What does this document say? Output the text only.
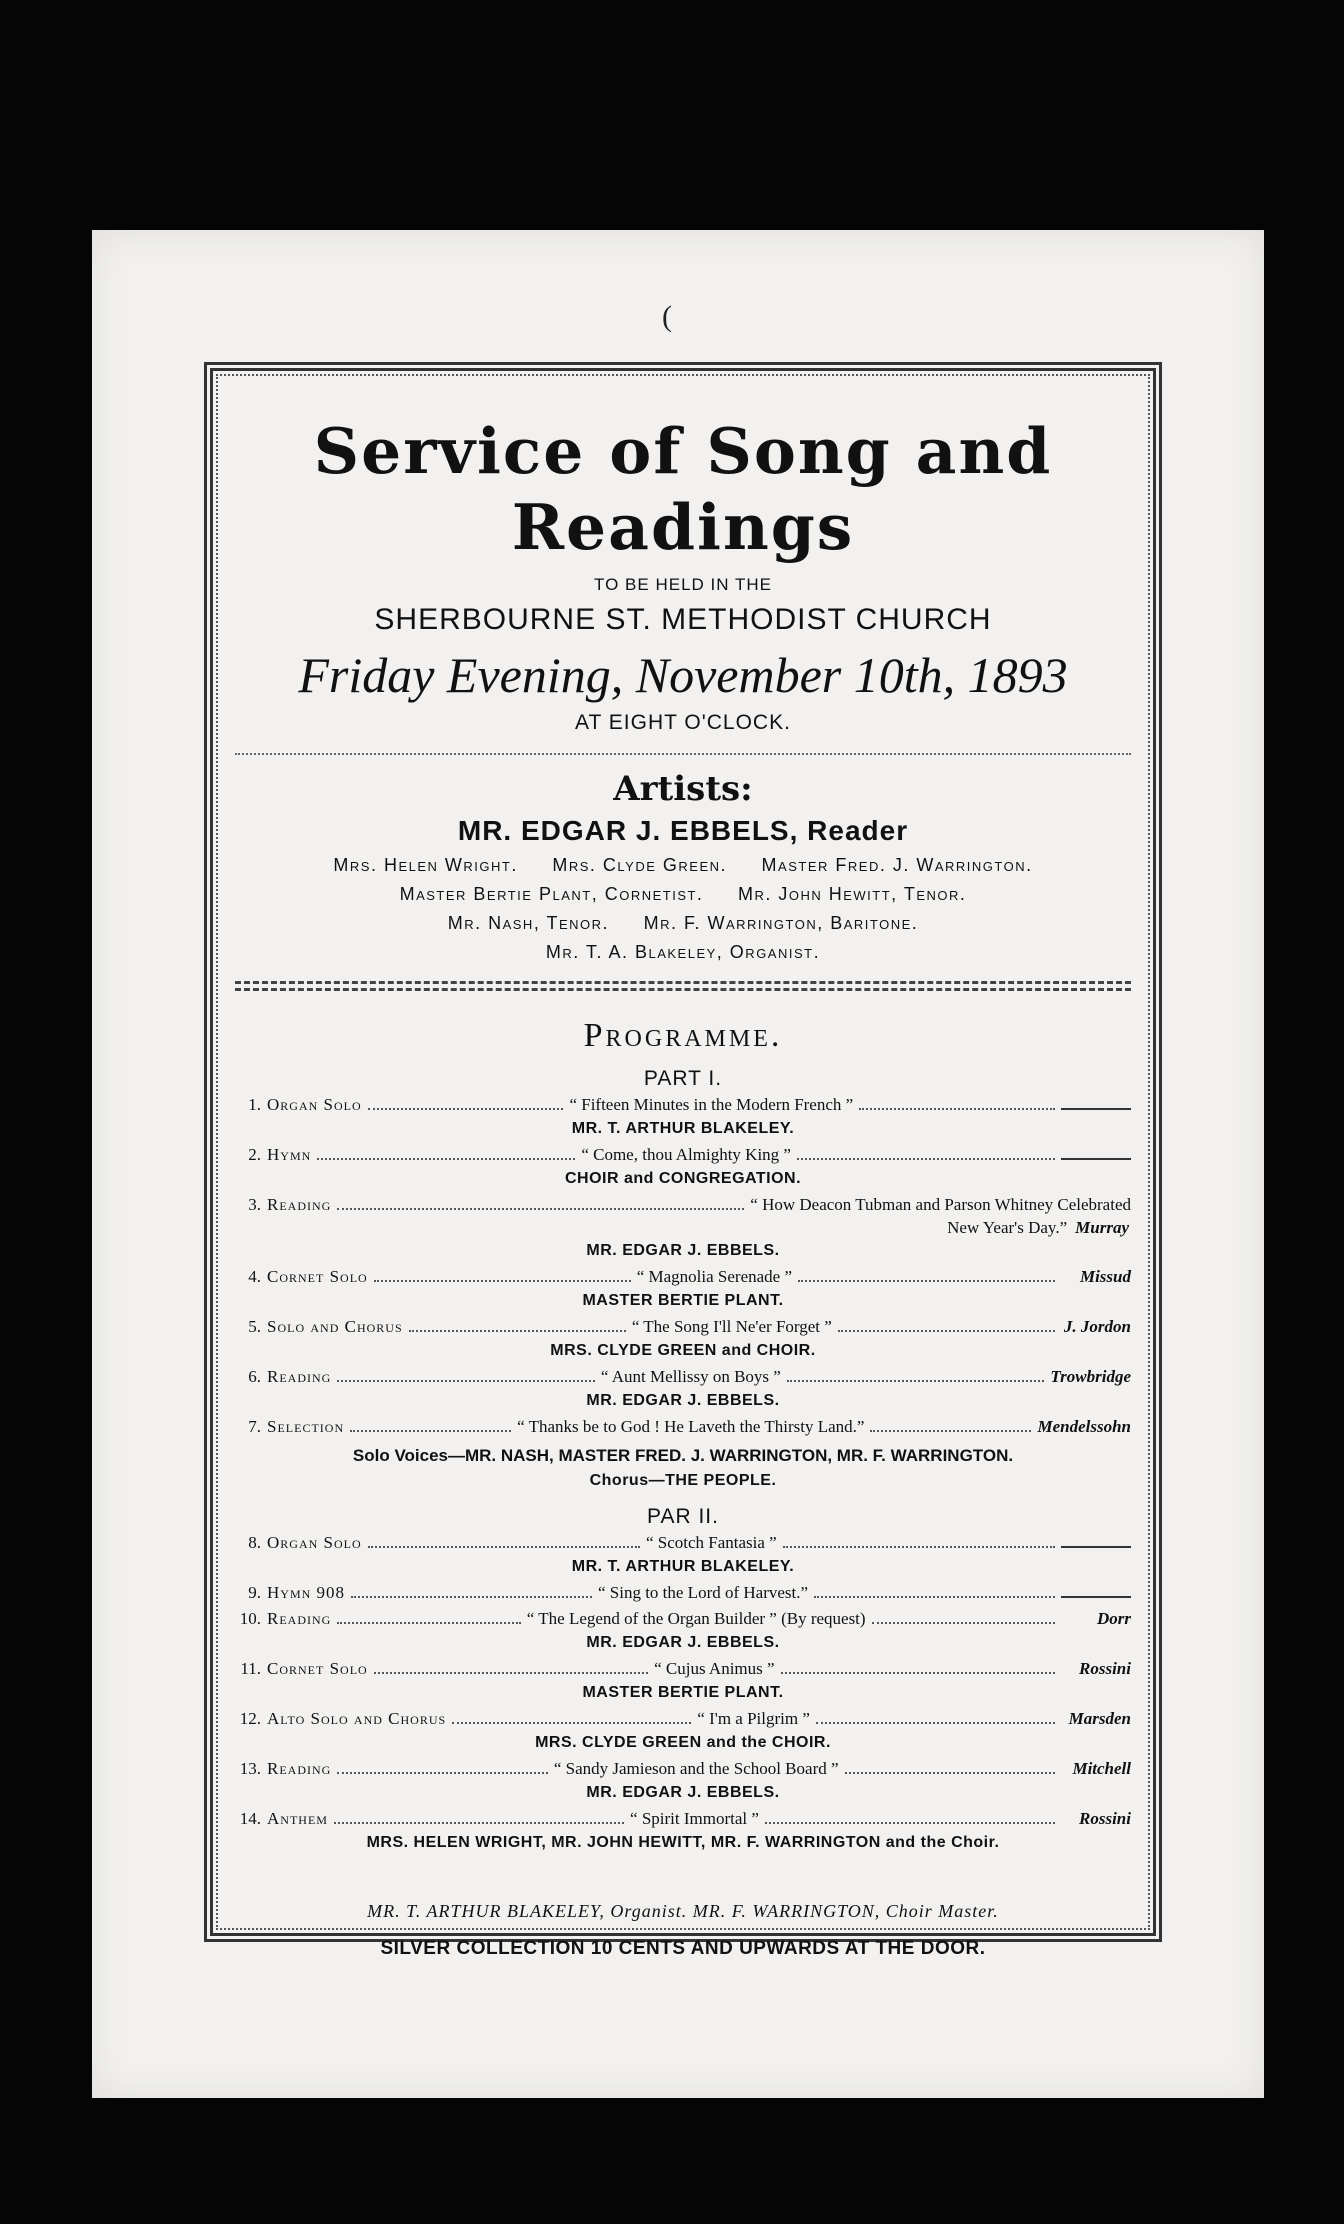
(
Service of Song and Readings
TO BE HELD IN THE
SHERBOURNE ST. METHODIST CHURCH
Friday Evening, November 10th, 1893
AT EIGHT O'CLOCK.
Artists:
MR. EDGAR J. EBBELS, Reader
Mrs. Helen Wright. Mrs. Clyde Green. Master Fred. J. Warrington.
Master Bertie Plant, Cornetist. Mr. John Hewitt, Tenor.
Mr. Nash, Tenor. Mr. F. Warrington, Baritone.
Mr. T. A. Blakeley, Organist.
Programme.
PART I.
1. Organ Solo	“ Fifteen Minutes in the Modern French ”
MR. T. ARTHUR BLAKELEY.
2. Hymn	“ Come, thou Almighty King ”
CHOIR and CONGREGATION.
3. Reading	“ How Deacon Tubman and Parson Whitney Celebrated
New Year's Day.” Murray
MR. EDGAR J. EBBELS.
4. Cornet Solo	“ Magnolia Serenade ”	Missud
MASTER BERTIE PLANT.
5. Solo and Chorus	“ The Song I'll Ne'er Forget ”	J. Jordon
MRS. CLYDE GREEN and CHOIR.
6. Reading	“ Aunt Mellissy on Boys ”	Trowbridge
MR. EDGAR J. EBBELS.
7. Selection	“ Thanks be to God ! He Laveth the Thirsty Land.”	Mendelssohn
Solo Voices—MR. NASH, MASTER FRED. J. WARRINGTON, MR. F. WARRINGTON.
Chorus—THE PEOPLE.
PAR II.
8. Organ Solo	“ Scotch Fantasia ”
MR. T. ARTHUR BLAKELEY.
9. Hymn 908	“ Sing to the Lord of Harvest.”
10. Reading	“ The Legend of the Organ Builder ” (By request)	Dorr
MR. EDGAR J. EBBELS.
11. Cornet Solo	“ Cujus Animus ”	Rossini
MASTER BERTIE PLANT.
12. Alto Solo and Chorus	“ I'm a Pilgrim ”	Marsden
MRS. CLYDE GREEN and the CHOIR.
13. Reading	“ Sandy Jamieson and the School Board ”	Mitchell
MR. EDGAR J. EBBELS.
14. Anthem	“ Spirit Immortal ”	Rossini
MRS. HELEN WRIGHT, MR. JOHN HEWITT, MR. F. WARRINGTON and the Choir.
MR. T. ARTHUR BLAKELEY, Organist. MR. F. WARRINGTON, Choir Master.
SILVER COLLECTION 10 CENTS AND UPWARDS AT THE DOOR.
